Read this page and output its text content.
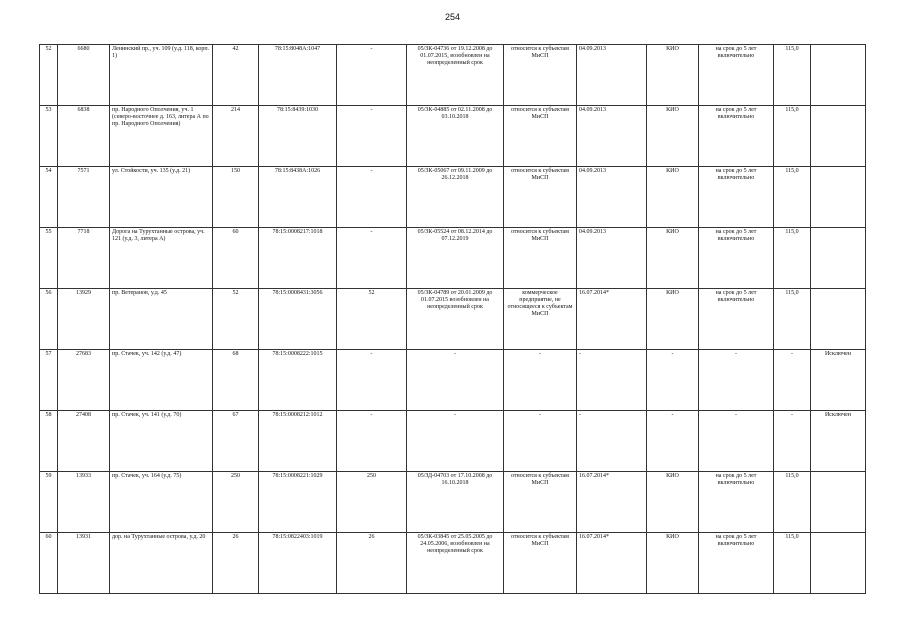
254
52	6680	Ленинский пр., уч. 109 (у.д. 118, корп. 1)	42	78:15:8048А:1047	-	05/ЗК-04736 от 19.12.2008 до 01.07.2015, возобновлен на неопределенный срок	относится к субъектам МиСП	04.09.2013	КИО	на срок до 5 лет включительно	115,0	
53	6838	пр. Народного Ополчения, уч. 1 (северо-восточнее д. 163, литера А по пр. Народного Ополчения)	214	78:15:8439:1030	-	05/ЗК-04885 от 02.11.2008 до 03.10.2018	относится к субъектам МиСП	04.09.2013	КИО	на срок до 5 лет включительно	115,0	
54	7571	ул. Стойкости, уч. 135 (у.д. 21)	150	78:15:8438А:1026	-	05/ЗК-05067 от 09.11.2009 до 26.12.2018	относится к субъектам МиСП	04.09.2013	КИО	на срок до 5 лет включительно	115,0	
55	7718	Дорога на Турухтанные острова, уч. 121 (у.д. 3, литера А)	60	78:15:0008217:1018	-	05/ЗК-05524 от 08.12.2014 до 07.12.2019	относится к субъектам МиСП	04.09.2013	КИО	на срок до 5 лет включительно	115,0	
56	13929	пр. Ветеранов, у.д. 45	52	78:15:0008431:3056	52	05/ЗК-04789 от 20.01.2009 до 01.07.2015 возобновлен на неопределенный срок	коммерческое предприятие, не относящееся к субъектам МиСП	16.07.2014*	КИО	на срок до 5 лет включительно	115,0	
57	27683	пр. Стачек, уч. 142 (у.д. 47)	68	78:15:0008222:1015	-	-	-	-	-	-	-	Исключен
58	27408	пр. Стачек, уч. 141 (у.д. 70)	67	78:15:0008212:1012	-	-	-	-	-	-	-	Исключен
59	13933	пр. Стачек, уч. 164 (у.д. 75)	250	78:15:0008221:1029	250	05/ЗД-04703 от 17.10.2008 до 16.10.2018	относится к субъектам МиСП	16.07.2014*	КИО	на срок до 5 лет включительно	115,0	
60	13931	дор. на Турухтанные острова, у.д. 20	26	78:15:0822403:1019	26	05/ЗК-03845 от 25.05.2005 до 24.05.2006, возобновлен на неопределенный срок	относится к субъектам МиСП	16.07.2014*	КИО	на срок до 5 лет включительно	115,0	
